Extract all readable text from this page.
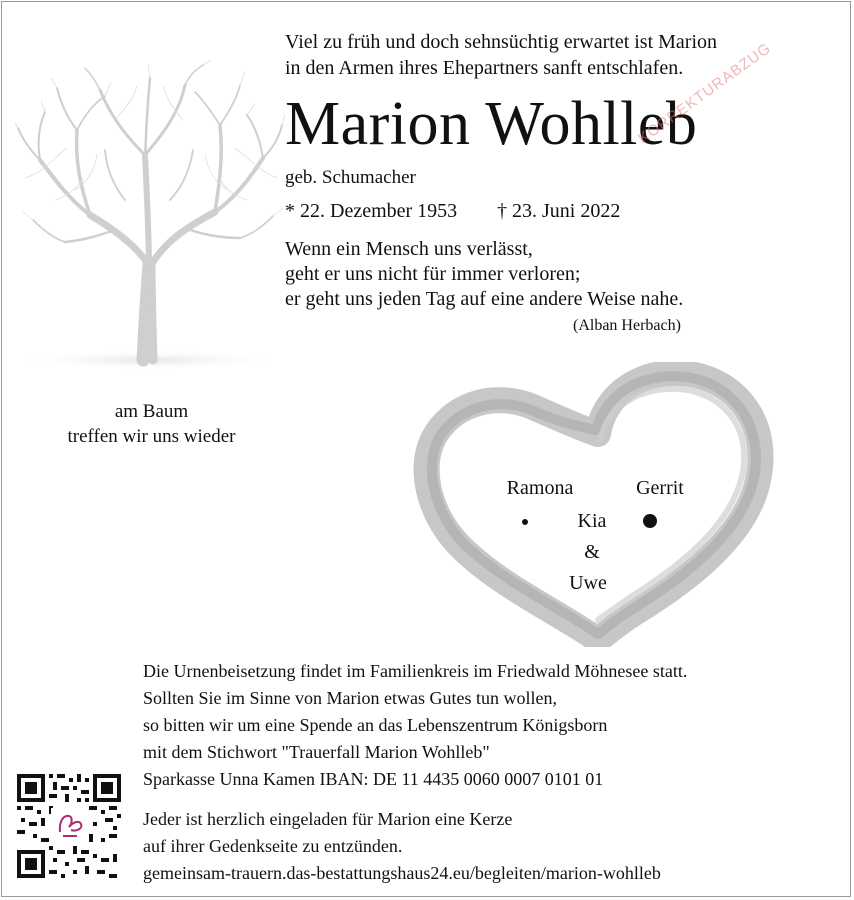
Viel zu früh und doch sehnsüchtig erwartet ist Marion
in den Armen ihres Ehepartners sanft entschlafen.
Marion Wohlleb
KORREKTURABZUG
geb. Schumacher
* 22. Dezember 1953 † 23. Juni 2022
Wenn ein Mensch uns verlässt,
geht er uns nicht für immer verloren;
er geht uns jeden Tag auf eine andere Weise nahe.
(Alban Herbach)
am Baum
treffen wir uns wieder
Ramona	Gerrit
Kia
&
Uwe
Die Urnenbeisetzung findet im Familienkreis im Friedwald Möhnesee statt.
Sollten Sie im Sinne von Marion etwas Gutes tun wollen,
so bitten wir um eine Spende an das Lebenszentrum Königsborn
mit dem Stichwort "Trauerfall Marion Wohlleb"
Sparkasse Unna Kamen IBAN: DE 11 4435 0060 0007 0101 01
Jeder ist herzlich eingeladen für Marion eine Kerze
auf ihrer Gedenkseite zu entzünden.
gemeinsam-trauern.das-bestattungshaus24.eu/begleiten/marion-wohlleb
